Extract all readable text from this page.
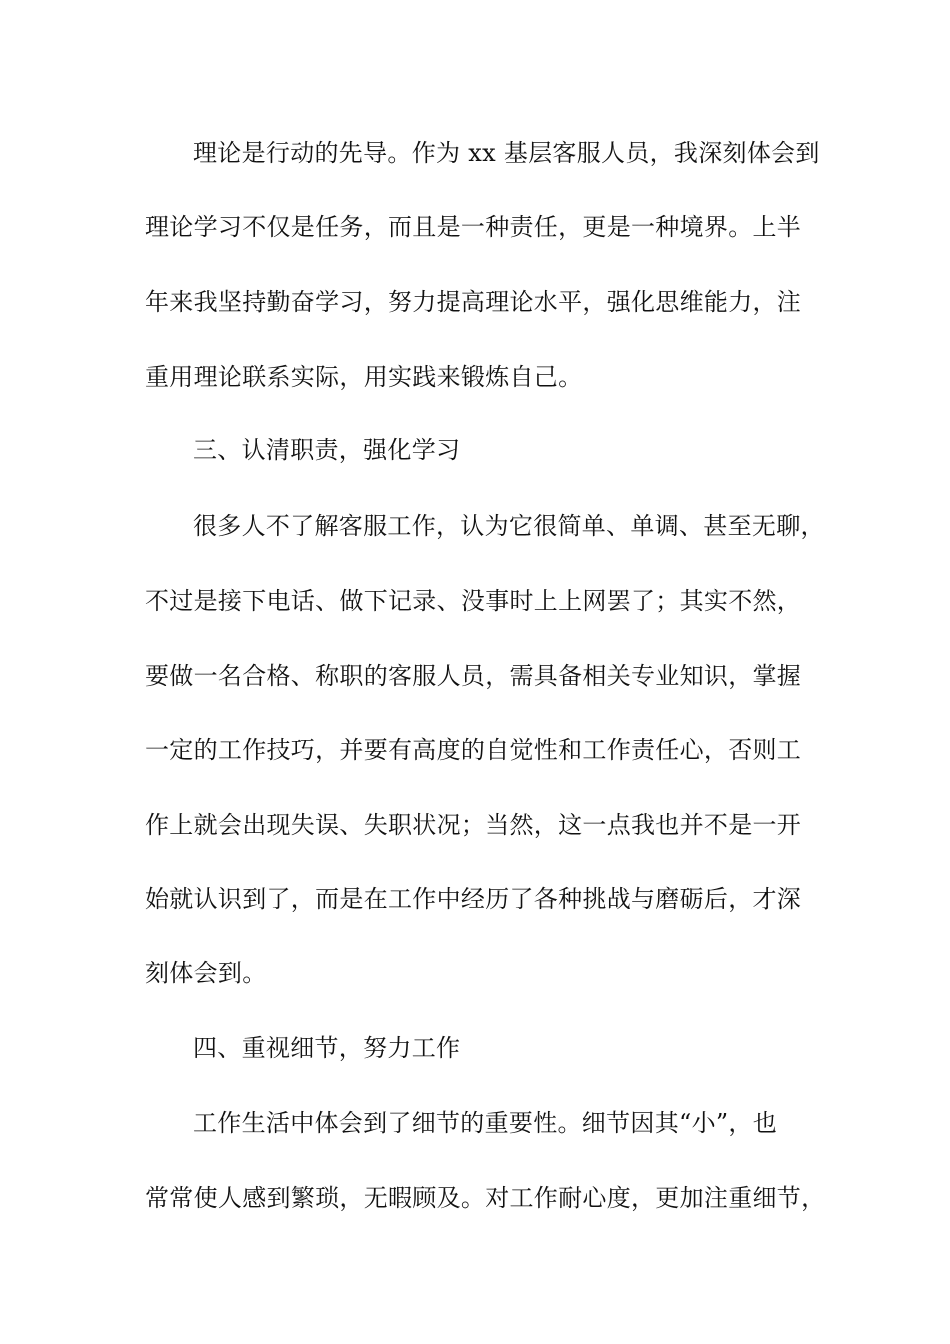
理论是行动的先导。作为 xx 基层客服人员，我深刻体会到
理论学习不仅是任务，而且是一种责任，更是一种境界。上半
年来我坚持勤奋学习，努力提高理论水平，强化思维能力，注
重用理论联系实际，用实践来锻炼自己。
三、认清职责，强化学习
很多人不了解客服工作，认为它很简单、单调、甚至无聊，
不过是接下电话、做下记录、没事时上上网罢了；其实不然，
要做一名合格、称职的客服人员，需具备相关专业知识，掌握
一定的工作技巧，并要有高度的自觉性和工作责任心，否则工
作上就会出现失误、失职状况；当然，这一点我也并不是一开
始就认识到了，而是在工作中经历了各种挑战与磨砺后，才深
刻体会到。
四、重视细节，努力工作
工作生活中体会到了细节的重要性。细节因其“小”，也
常常使人感到繁琐，无暇顾及。对工作耐心度，更加注重细节，
